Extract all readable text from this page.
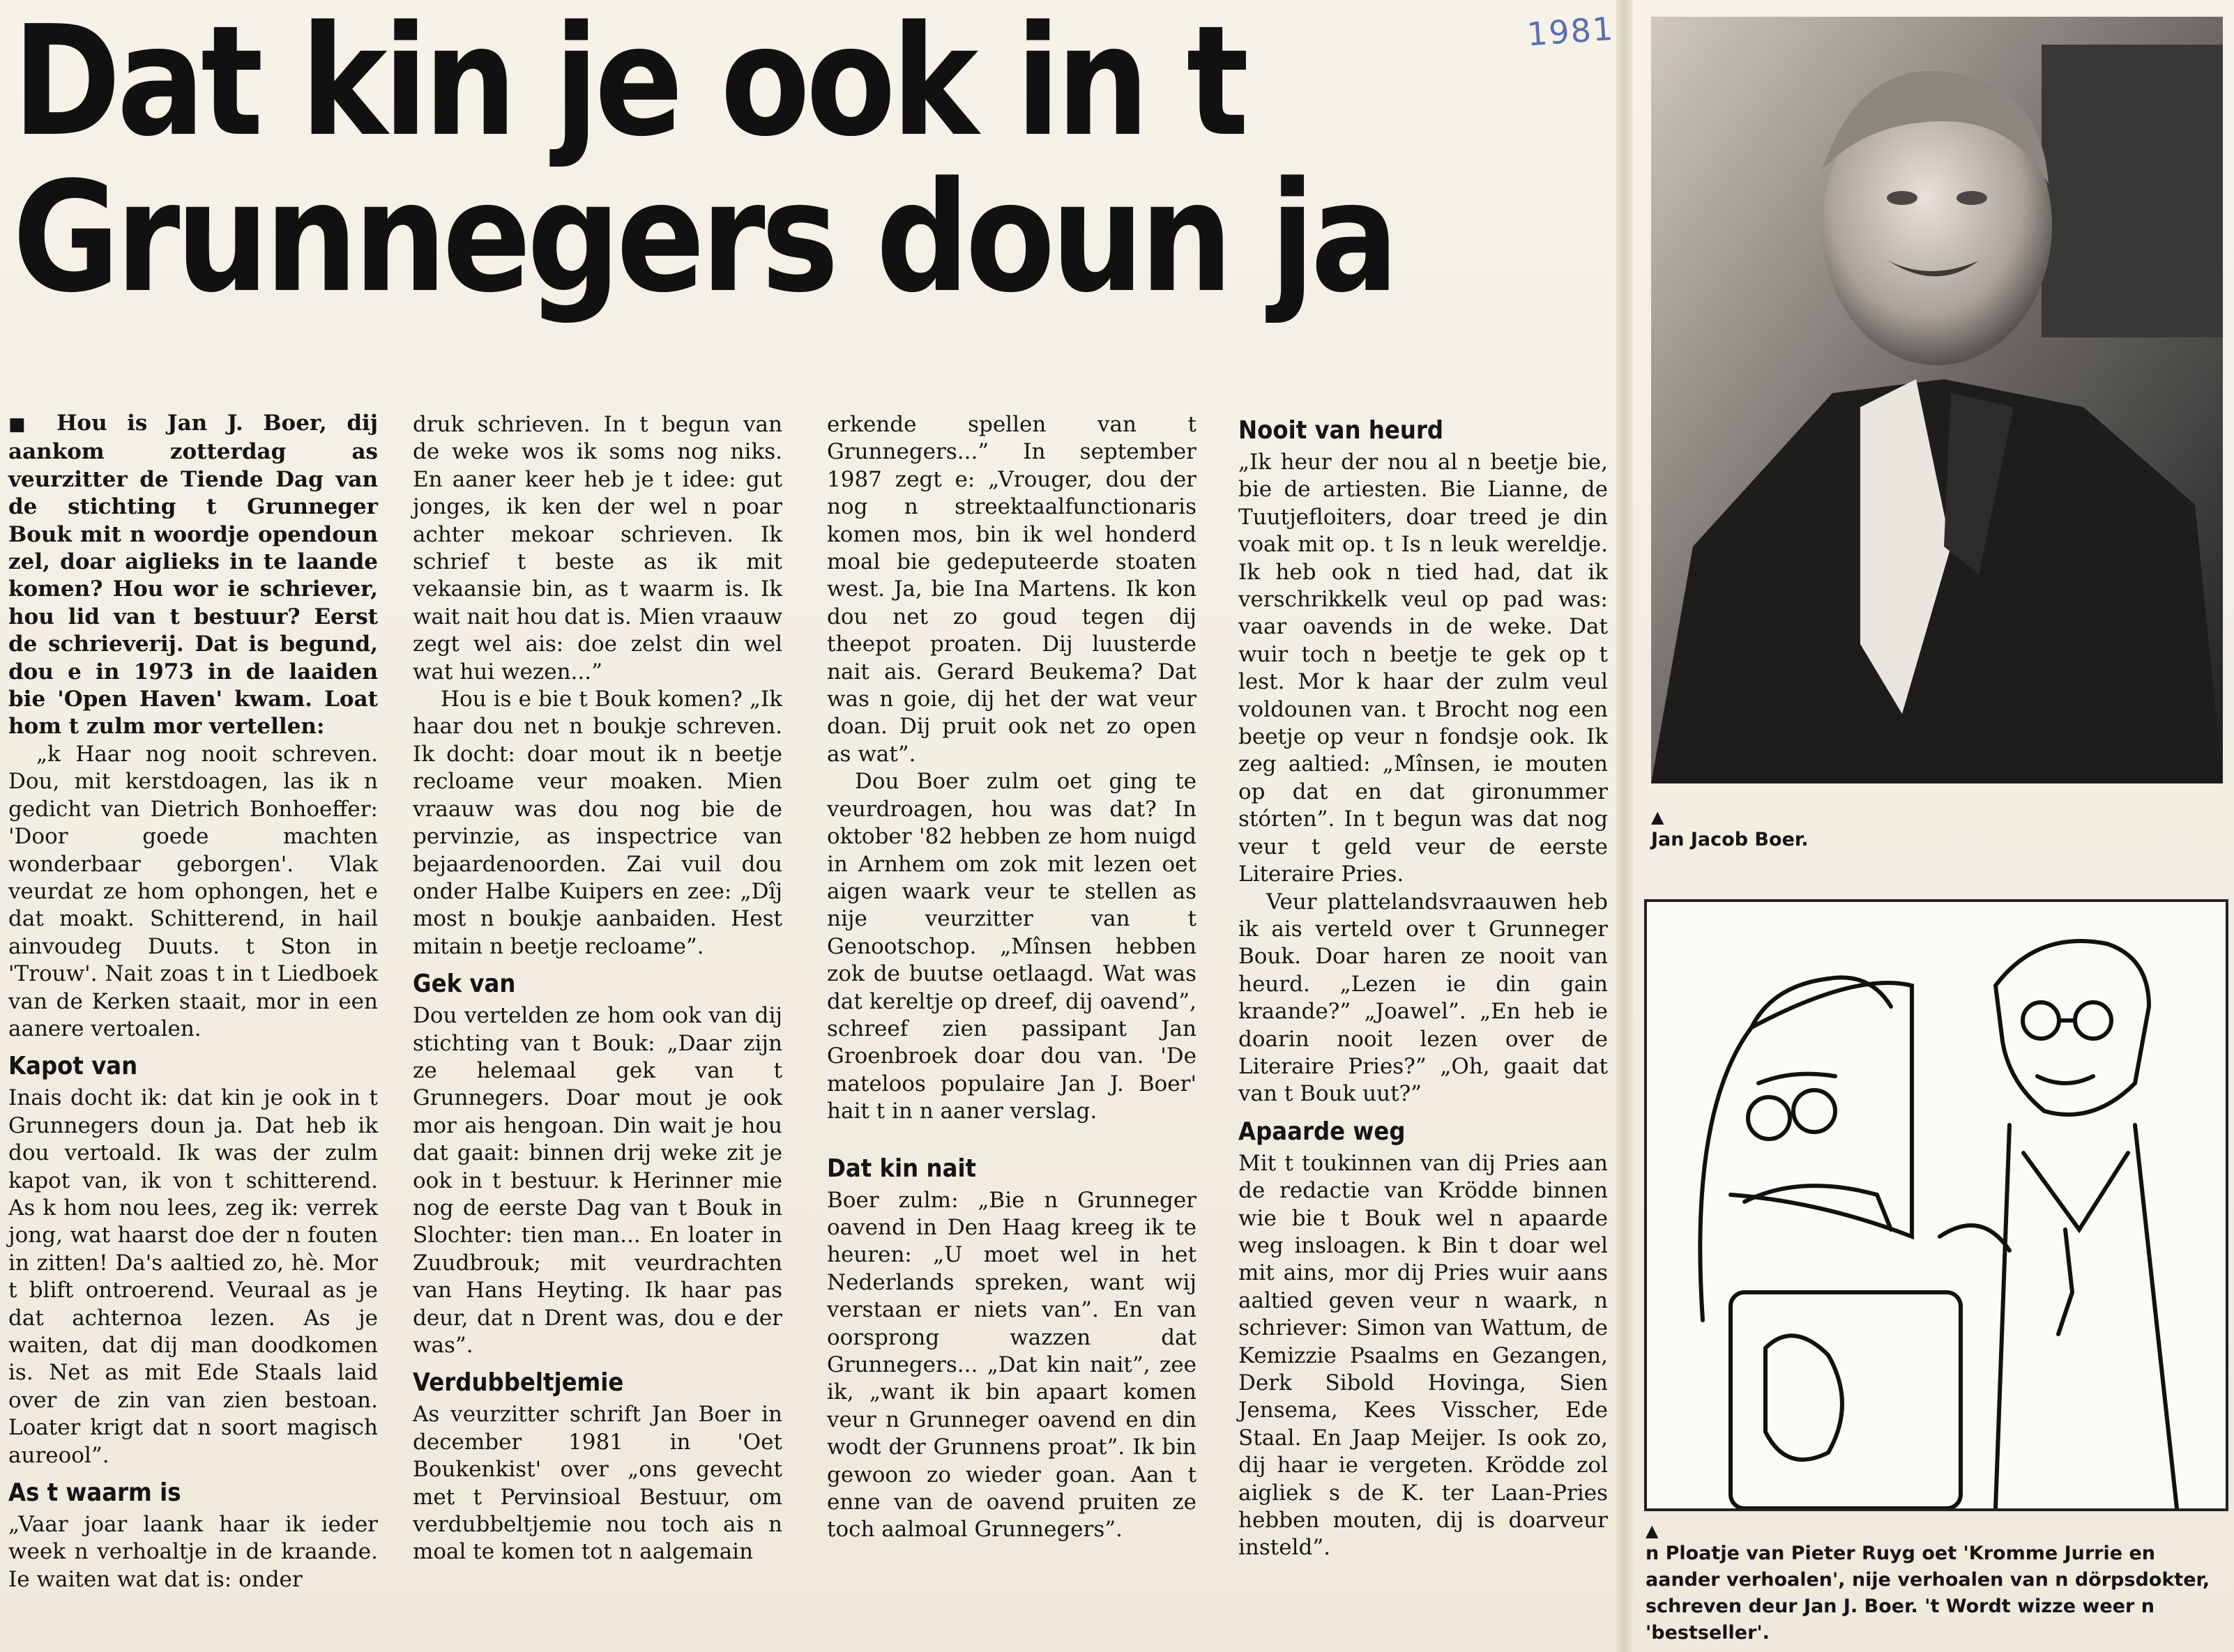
1981
Dat kin je ook in t
Grunnegers doun ja

■ Hou is Jan J. Boer, dij aankom zotterdag as veurzitter de Tiende Dag van de stichting t Grunneger Bouk mit n woordje opendoun zel, doar aiglieks in te laande komen? Hou wor ie schriever, hou lid van t bestuur? Eerst de schrieverij. Dat is begund, dou e in 1973 in de laaiden bie 'Open Haven' kwam. Loat hom t zulm mor vertellen:

„k Haar nog nooit schreven. Dou, mit kerstdoagen, las ik n gedicht van Dietrich Bonhoeffer: 'Door goede machten wonderbaar geborgen'. Vlak veurdat ze hom ophongen, het e dat moakt. Schitterend, in hail ainvoudeg Duuts. t Ston in 'Trouw'. Nait zoas t in t Liedboek van de Kerken staait, mor in een aanere vertoalen.

Kapot van

Inais docht ik: dat kin je ook in t Grunnegers doun ja. Dat heb ik dou vertoald. Ik was der zulm kapot van, ik von t schitterend. As k hom nou lees, zeg ik: verrek jong, wat haarst doe der n fouten in zitten! Da's aaltied zo, hè. Mor t blift ontroerend. Veuraal as je dat achternoa lezen. As je waiten, dat dij man doodkomen is. Net as mit Ede Staals laid over de zin van zien bestoan. Loater krigt dat n soort magisch aureool”.

As t waarm is

„Vaar joar laank haar ik ieder week n verhoaltje in de kraande. Ie waiten wat dat is: onder

druk schrieven. In t begun van de weke wos ik soms nog niks. En aaner keer heb je t idee: gut jonges, ik ken der wel n poar achter mekoar schrieven. Ik schrief t beste as ik mit vekaansie bin, as t waarm is. Ik wait nait hou dat is. Mien vraauw zegt wel ais: doe zelst din wel wat hui wezen...”

Hou is e bie t Bouk komen? „Ik haar dou net n boukje schreven. Ik docht: doar mout ik n beetje recloame veur moaken. Mien vraauw was dou nog bie de pervinzie, as inspectrice van bejaardenoorden. Zai vuil dou onder Halbe Kuipers en zee: „Dîj most n boukje aanbaiden. Hest mitain n beetje recloame”.

Gek van

Dou vertelden ze hom ook van dij stichting van t Bouk: „Daar zijn ze helemaal gek van t Grunnegers. Doar mout je ook mor ais hengoan. Din wait je hou dat gaait: binnen drij weke zit je ook in t bestuur. k Herinner mie nog de eerste Dag van t Bouk in Slochter: tien man... En loater in Zuudbrouk; mit veurdrachten van Hans Heyting. Ik haar pas deur, dat n Drent was, dou e der was”.

Verdubbeltjemie

As veurzitter schrift Jan Boer in december 1981 in 'Oet Boukenkist' over „ons gevecht met t Pervinsioal Bestuur, om verdubbeltjemie nou toch ais n moal te komen tot n aalgemain

erkende spellen van t Grunnegers...” In september 1987 zegt e: „Vrouger, dou der nog n streektaalfunctionaris komen mos, bin ik wel honderd moal bie gedeputeerde stoaten west. Ja, bie Ina Martens. Ik kon dou net zo goud tegen dij theepot proaten. Dij luusterde nait ais. Gerard Beukema? Dat was n goie, dij het der wat veur doan. Dij pruit ook net zo open as wat”.

Dou Boer zulm oet ging te veurdroagen, hou was dat? In oktober '82 hebben ze hom nuigd in Arnhem om zok mit lezen oet aigen waark veur te stellen as nije veurzitter van t Genootschop. „Mînsen hebben zok de buutse oetlaagd. Wat was dat kereltje op dreef, dij oavend”, schreef zien passipant Jan Groenbroek doar dou van. 'De mateloos populaire Jan J. Boer' hait t in n aaner verslag.

Dat kin nait

Boer zulm: „Bie n Grunneger oavend in Den Haag kreeg ik te heuren: „U moet wel in het Nederlands spreken, want wij verstaan er niets van”. En van oorsprong wazzen dat Grunnegers... „Dat kin nait”, zee ik, „want ik bin apaart komen veur n Grunneger oavend en din wodt der Grunnens proat”. Ik bin gewoon zo wieder goan. Aan t enne van de oavend pruiten ze toch aalmoal Grunnegers”.

Nooit van heurd

„Ik heur der nou al n beetje bie, bie de artiesten. Bie Lianne, de Tuutjefloiters, doar treed je din voak mit op. t Is n leuk wereldje. Ik heb ook n tied had, dat ik verschrikkelk veul op pad was: vaar oavends in de weke. Dat wuir toch n beetje te gek op t lest. Mor k haar der zulm veul voldounen van. t Brocht nog een beetje op veur n fondsje ook. Ik zeg aaltied: „Mînsen, ie mouten op dat en dat gironummer stórten”. In t begun was dat nog veur t geld veur de eerste Literaire Pries.

Veur plattelandsvraauwen heb ik ais verteld over t Grunneger Bouk. Doar haren ze nooit van heurd. „Lezen ie din gain kraande?” „Joawel”. „En heb ie doarin nooit lezen over de Literaire Pries?” „Oh, gaait dat van t Bouk uut?”

Apaarde weg

Mit t toukinnen van dij Pries aan de redactie van Krödde binnen wie bie t Bouk wel n apaarde weg insloagen. k Bin t doar wel mit ains, mor dij Pries wuir aans aaltied geven veur n waark, n schriever: Simon van Wattum, de Kemizzie Psaalms en Gezangen, Derk Sibold Hovinga, Sien Jensema, Kees Visscher, Ede Staal. En Jaap Meijer. Is ook zo, dij haar ie vergeten. Krödde zol aigliek s de K. ter Laan-Pries hebben mouten, dij is doarveur insteld”.

▲
Jan Jacob Boer.
▲
n Ploatje van Pieter Ruyg oet 'Kromme Jurrie en aander verhoalen', nije verhoalen van n dörpsdokter, schreven deur Jan J. Boer. 't Wordt wizze weer n 'bestseller'.
